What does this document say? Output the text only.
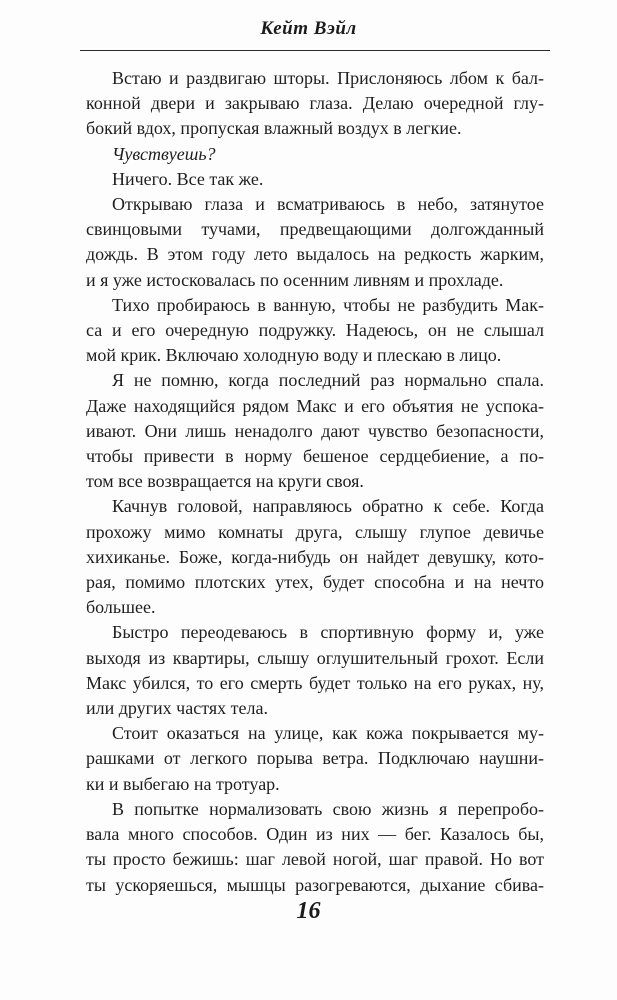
Кейт Вэйл

Встаю и раздвигаю шторы. Прислоняюсь лбом к бал-
конной двери и закрываю глаза. Делаю очередной глу-
бокий вдох, пропуская влажный воздух в легкие.

Чувствуешь?

Ничего. Все так же.

Открываю глаза и всматриваюсь в небо, затянутое
свинцовыми тучами, предвещающими долгожданный
дождь. В этом году лето выдалось на редкость жарким,
и я уже истосковалась по осенним ливням и прохладе.

Тихо пробираюсь в ванную, чтобы не разбудить Мак-
са и его очередную подружку. Надеюсь, он не слышал
мой крик. Включаю холодную воду и плескаю в лицо.

Я не помню, когда последний раз нормально спала.
Даже находящийся рядом Макс и его объятия не успока-
ивают. Они лишь ненадолго дают чувство безопасности,
чтобы привести в норму бешеное сердцебиение, а по-
том все возвращается на круги своя.

Качнув головой, направляюсь обратно к себе. Когда
прохожу мимо комнаты друга, слышу глупое девичье
хихиканье. Боже, когда-нибудь он найдет девушку, кото-
рая, помимо плотских утех, будет способна и на нечто
большее.

Быстро переодеваюсь в спортивную форму и, уже
выходя из квартиры, слышу оглушительный грохот. Если
Макс убился, то его смерть будет только на его руках, ну,
или других частях тела.

Стоит оказаться на улице, как кожа покрывается му-
рашками от легкого порыва ветра. Подключаю наушни-
ки и выбегаю на тротуар.

В попытке нормализовать свою жизнь я перепробо-
вала много способов. Один из них — бег. Казалось бы,
ты просто бежишь: шаг левой ногой, шаг правой. Но вот
ты ускоряешься, мышцы разогреваются, дыхание сбива-

16
